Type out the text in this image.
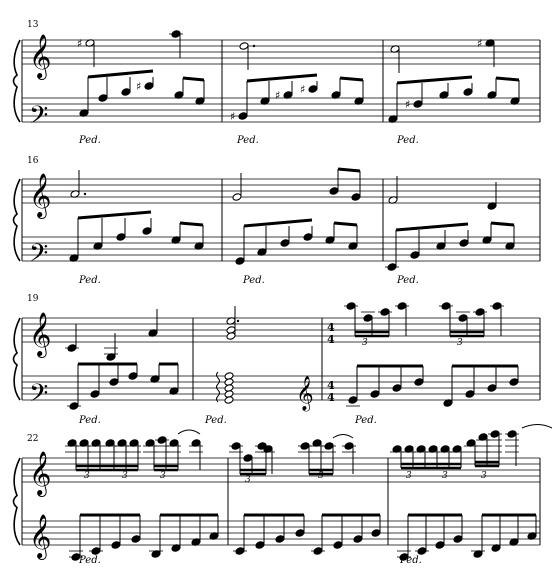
♯	♯
♯
♯
♯ ♯
♯
13
16
19
22
𝄞
𝄢
𝄞
𝄢
𝄞
𝄢	𝄞
𝄞
𝄞
4
4
4
4
Ped.	Ped.	Ped.
Ped.	Ped.	Ped.
Ped.	Ped.	Ped.
Ped.	Ped.
3	3
3	3	3	3	3	3	3	3
